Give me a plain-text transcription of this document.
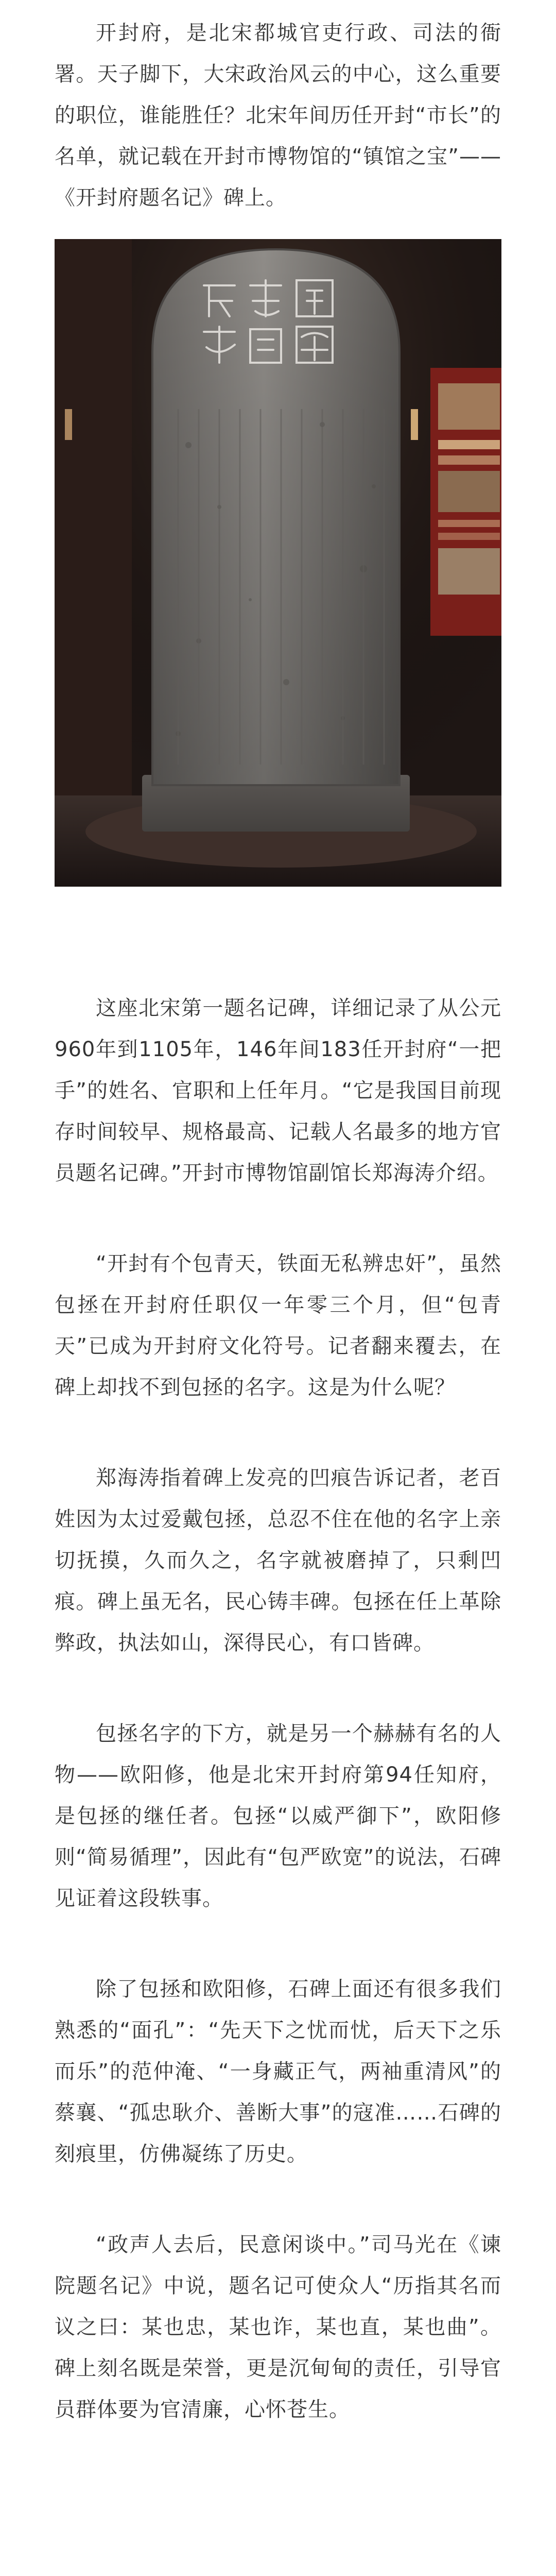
开封府，是北宋都城官吏行政、司法的衙署。天子脚下，大宋政治风云的中心，这么重要的职位，谁能胜任？北宋年间历任开封“市长”的名单，就记载在开封市博物馆的“镇馆之宝”——《开封府题名记》碑上。

这座北宋第一题名记碑，详细记录了从公元960年到1105年，146年间183任开封府“一把手”的姓名、官职和上任年月。“它是我国目前现存时间较早、规格最高、记载人名最多的地方官员题名记碑。”开封市博物馆副馆长郑海涛介绍。

“开封有个包青天，铁面无私辨忠奸”，虽然包拯在开封府任职仅一年零三个月，但“包青天”已成为开封府文化符号。记者翻来覆去，在碑上却找不到包拯的名字。这是为什么呢？

郑海涛指着碑上发亮的凹痕告诉记者，老百姓因为太过爱戴包拯，总忍不住在他的名字上亲切抚摸，久而久之，名字就被磨掉了，只剩凹痕。碑上虽无名，民心铸丰碑。包拯在任上革除弊政，执法如山，深得民心，有口皆碑。

包拯名字的下方，就是另一个赫赫有名的人物——欧阳修，他是北宋开封府第94任知府，是包拯的继任者。包拯“以威严御下”，欧阳修则“简易循理”，因此有“包严欧宽”的说法，石碑见证着这段轶事。

除了包拯和欧阳修，石碑上面还有很多我们熟悉的“面孔”：“先天下之忧而忧，后天下之乐而乐”的范仲淹、“一身藏正气，两袖重清风”的蔡襄、“孤忠耿介、善断大事”的寇准……石碑的刻痕里，仿佛凝练了历史。

“政声人去后，民意闲谈中。”司马光在《谏院题名记》中说，题名记可使众人“历指其名而议之曰：某也忠，某也诈，某也直，某也曲”。碑上刻名既是荣誉，更是沉甸甸的责任，引导官员群体要为官清廉，心怀苍生。
